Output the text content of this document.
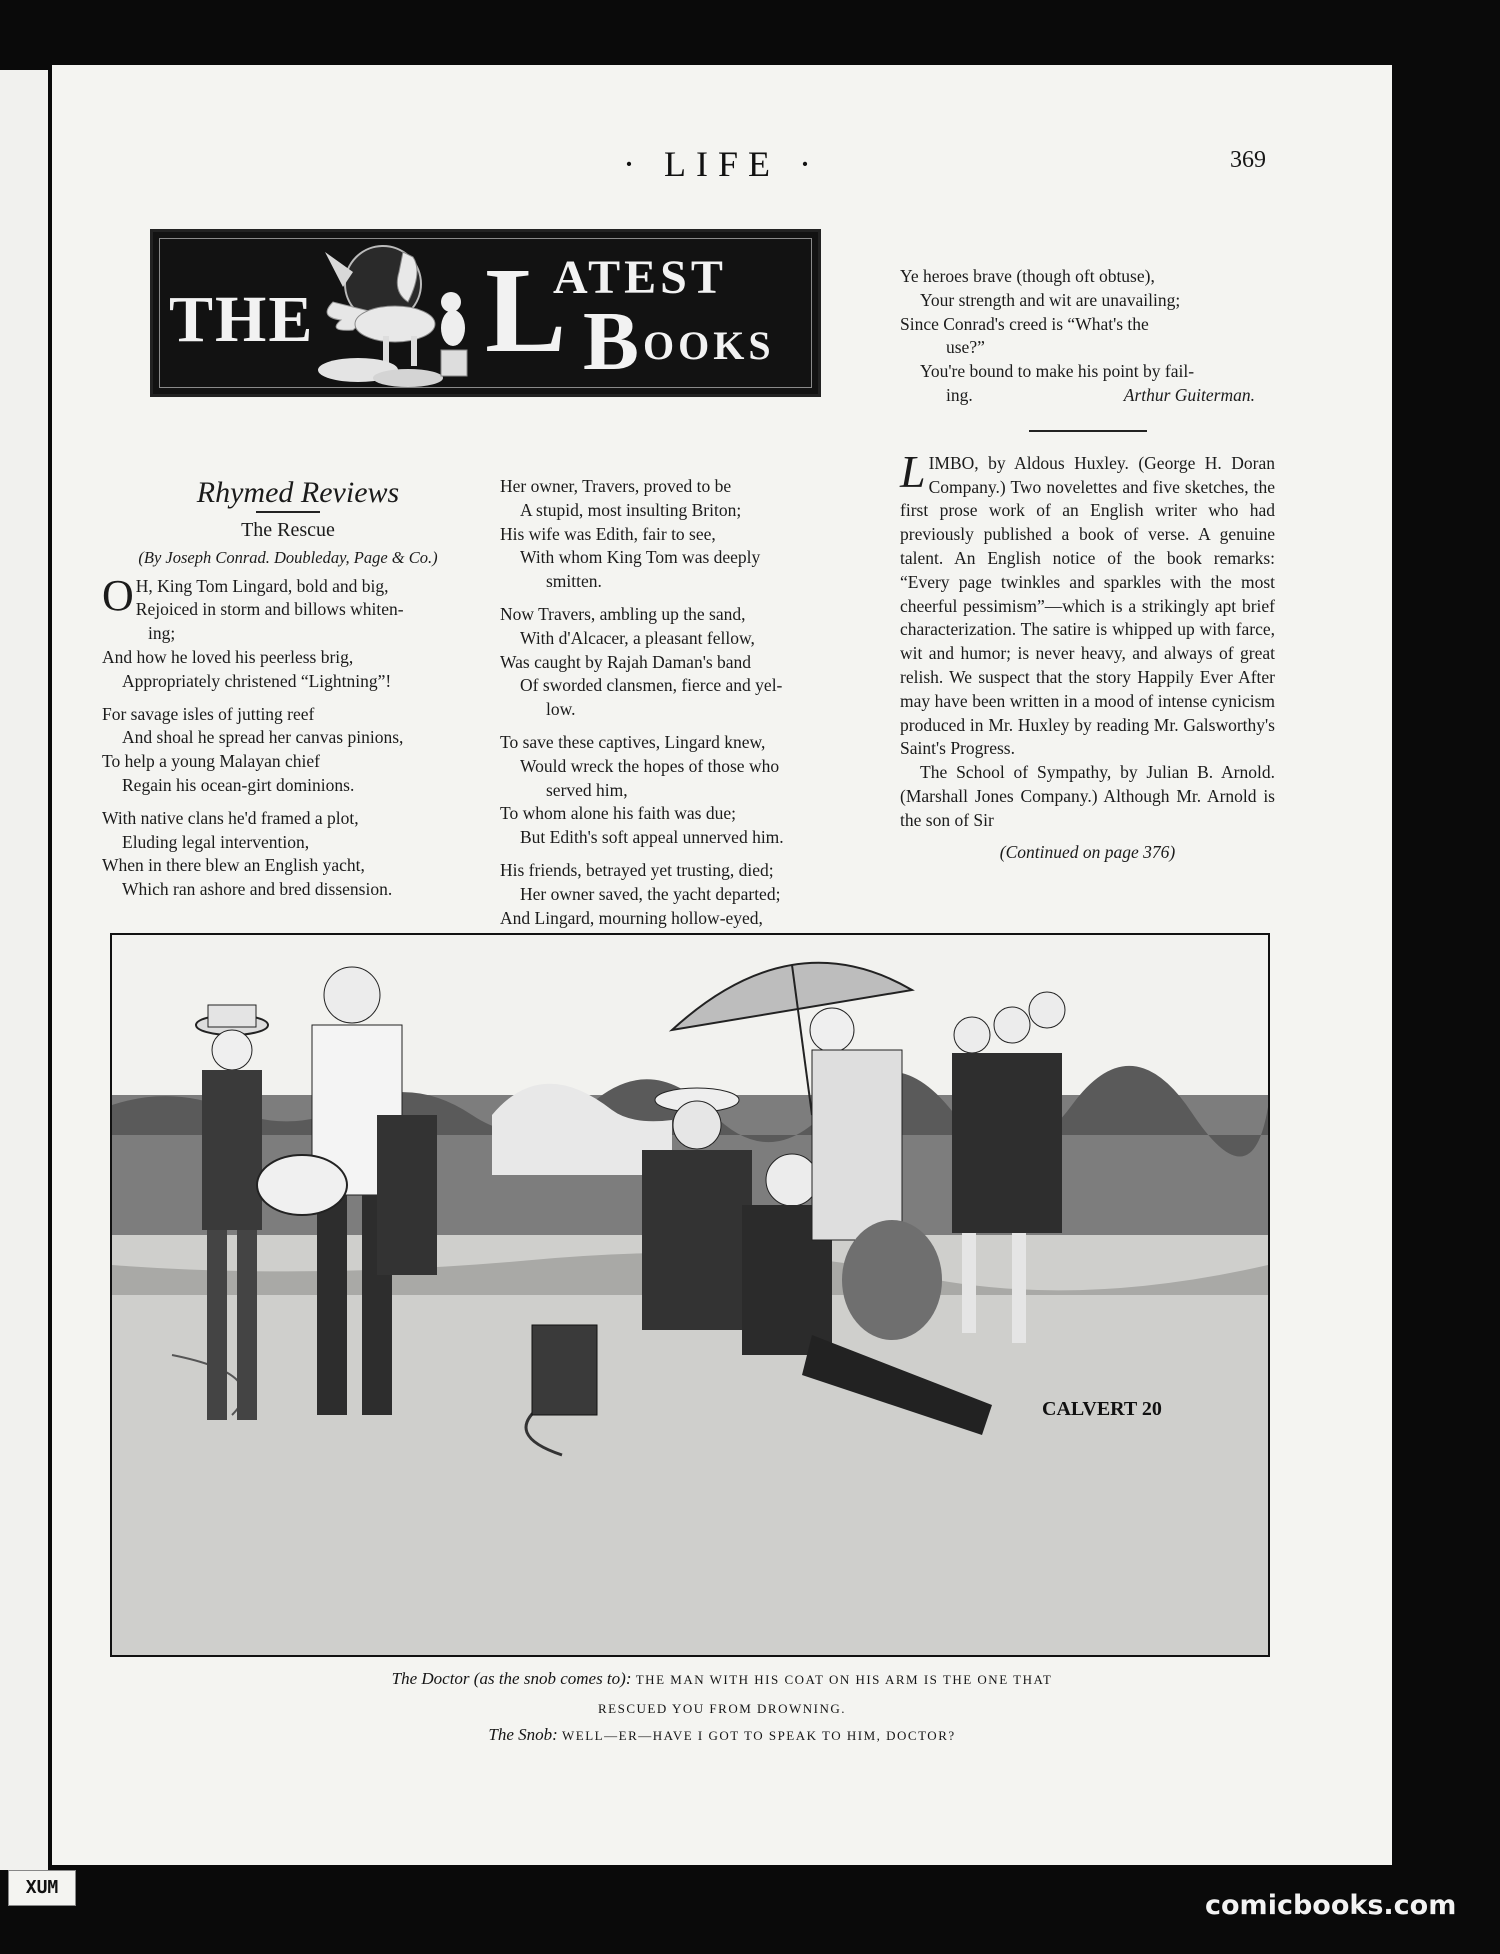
· LIFE ·	369
THE L
ATEST
B OOKS
Rhymed Reviews
The Rescue
(By Joseph Conrad. Doubleday, Page & Co.)
O H, King Tom Lingard, bold and big,

Rejoiced in storm and billows whiten-

ing;

And how he loved his peerless brig,

Appropriately christened “Lightning”!

For savage isles of jutting reef

And shoal he spread her canvas pinions,

To help a young Malayan chief

Regain his ocean-girt dominions.

With native clans he'd framed a plot,

Eluding legal intervention,

When in there blew an English yacht,

Which ran ashore and bred dissension.

Her owner, Travers, proved to be

A stupid, most insulting Briton;

His wife was Edith, fair to see,

With whom King Tom was deeply

smitten.

Now Travers, ambling up the sand,

With d'Alcacer, a pleasant fellow,

Was caught by Rajah Daman's band

Of sworded clansmen, fierce and yel-

low.

To save these captives, Lingard knew,

Would wreck the hopes of those who

served him,

To whom alone his faith was due;

But Edith's soft appeal unnerved him.

His friends, betrayed yet trusting, died;

Her owner saved, the yacht departed;

And Lingard, mourning hollow-eyed,

Ye heroes brave (though oft obtuse),

Your strength and wit are unavailing;

Since Conrad's creed is “What's the

use?”

You're bound to make his point by fail-

ing.	Arthur Guiterman.

L IMBO, by Aldous Huxley. (George H. Doran Company.) Two novelettes and five sketches, the first prose work of an English writer who had previously published a book of verse. A genuine talent. An English notice of the book remarks: “Every page twinkles and sparkles with the most cheerful pessimism”—which is a strikingly apt brief characterization. The satire is whipped up with farce, wit and humor; is never heavy, and always of great relish. We suspect that the story Happily Ever After may have been written in a mood of intense cynicism produced in Mr. Huxley by reading Mr. Galsworthy's Saint's Progress.

The School of Sympathy, by Julian B. Arnold. (Marshall Jones Company.) Although Mr. Arnold is the son of Sir

(Continued on page 376)
CALVERT 20
The Doctor (as the snob comes to): THE MAN WITH HIS COAT ON HIS ARM IS THE ONE THAT
RESCUED YOU FROM DROWNING.
The Snob: WELL—ER—HAVE I GOT TO SPEAK TO HIM, DOCTOR?
XUM
comicbooks.com
